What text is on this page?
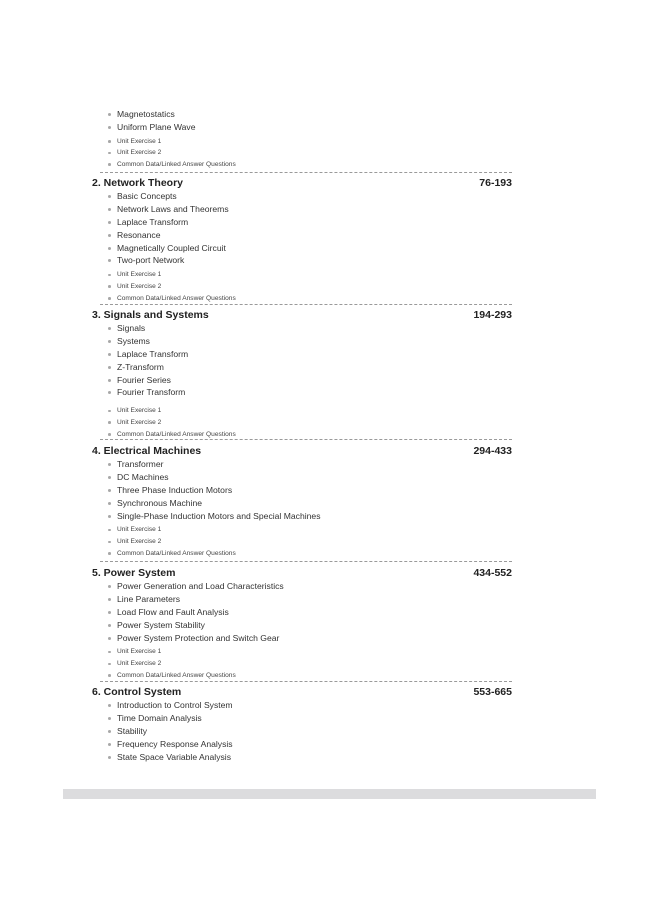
Magnetostatics
Uniform Plane Wave
Unit Exercise 1
Unit Exercise 2
Common Data/Linked Answer Questions
2. Network Theory	76-193
Basic Concepts
Network Laws and Theorems
Laplace Transform
Resonance
Magnetically Coupled Circuit
Two-port Network
Unit Exercise 1
Unit Exercise 2
Common Data/Linked Answer Questions
3. Signals and Systems	194-293
Signals
Systems
Laplace Transform
Z-Transform
Fourier Series
Fourier Transform
Unit Exercise 1
Unit Exercise 2
Common Data/Linked Answer Questions
4. Electrical Machines	294-433
Transformer
DC Machines
Three Phase Induction Motors
Synchronous Machine
Single-Phase Induction Motors and Special Machines
Unit Exercise 1
Unit Exercise 2
Common Data/Linked Answer Questions
5. Power System	434-552
Power Generation and Load Characteristics
Line Parameters
Load Flow and Fault Analysis
Power System Stability
Power System Protection and Switch Gear
Unit Exercise 1
Unit Exercise 2
Common Data/Linked Answer Questions
6. Control System	553-665
Introduction to Control System
Time Domain Analysis
Stability
Frequency Response Analysis
State Space Variable Analysis
